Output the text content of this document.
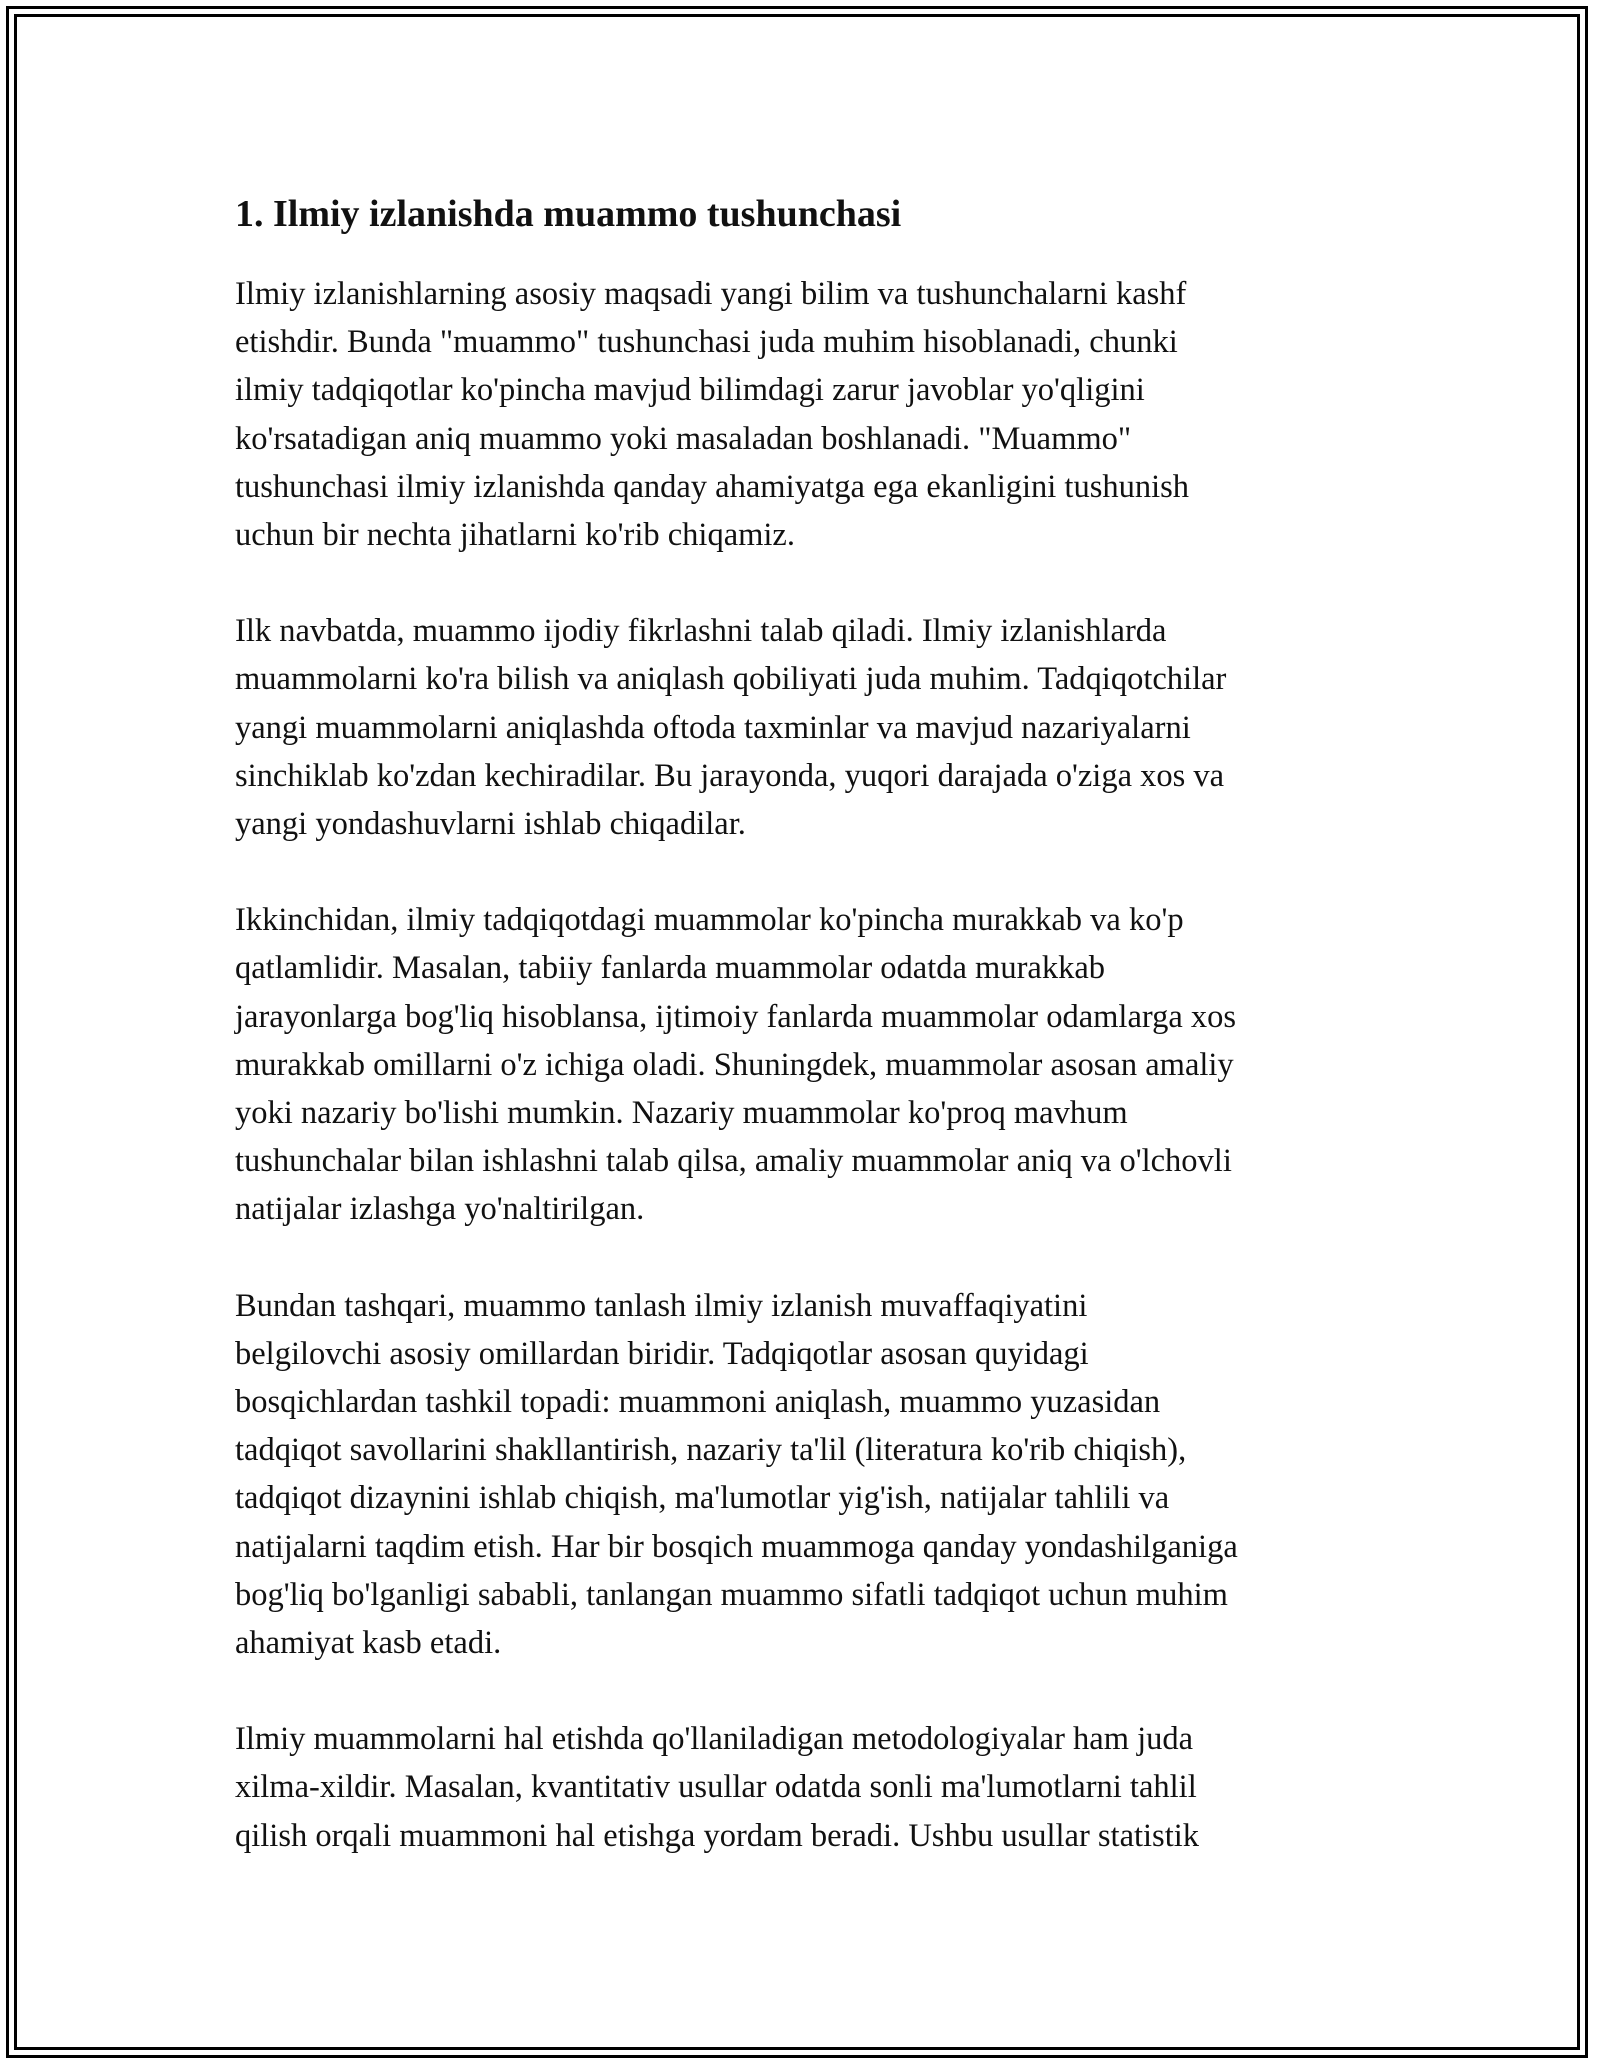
1. Ilmiy izlanishda muammo tushunchasi

Ilmiy izlanishlarning asosiy maqsadi yangi bilim va tushunchalarni kashf
etishdir. Bunda "muammo" tushunchasi juda muhim hisoblanadi, chunki
ilmiy tadqiqotlar ko'pincha mavjud bilimdagi zarur javoblar yo'qligini
ko'rsatadigan aniq muammo yoki masaladan boshlanadi. "Muammo"
tushunchasi ilmiy izlanishda qanday ahamiyatga ega ekanligini tushunish
uchun bir nechta jihatlarni ko'rib chiqamiz.

Ilk navbatda, muammo ijodiy fikrlashni talab qiladi. Ilmiy izlanishlarda
muammolarni ko'ra bilish va aniqlash qobiliyati juda muhim. Tadqiqotchilar
yangi muammolarni aniqlashda oftoda taxminlar va mavjud nazariyalarni
sinchiklab ko'zdan kechiradilar. Bu jarayonda, yuqori darajada o'ziga xos va
yangi yondashuvlarni ishlab chiqadilar.

Ikkinchidan, ilmiy tadqiqotdagi muammolar ko'pincha murakkab va ko'p
qatlamlidir. Masalan, tabiiy fanlarda muammolar odatda murakkab
jarayonlarga bog'liq hisoblansa, ijtimoiy fanlarda muammolar odamlarga xos
murakkab omillarni o'z ichiga oladi. Shuningdek, muammolar asosan amaliy
yoki nazariy bo'lishi mumkin. Nazariy muammolar ko'proq mavhum
tushunchalar bilan ishlashni talab qilsa, amaliy muammolar aniq va o'lchovli
natijalar izlashga yo'naltirilgan.

Bundan tashqari, muammo tanlash ilmiy izlanish muvaffaqiyatini
belgilovchi asosiy omillardan biridir. Tadqiqotlar asosan quyidagi
bosqichlardan tashkil topadi: muammoni aniqlash, muammo yuzasidan
tadqiqot savollarini shakllantirish, nazariy ta'lil (literatura ko'rib chiqish),
tadqiqot dizaynini ishlab chiqish, ma'lumotlar yig'ish, natijalar tahlili va
natijalarni taqdim etish. Har bir bosqich muammoga qanday yondashilganiga
bog'liq bo'lganligi sababli, tanlangan muammo sifatli tadqiqot uchun muhim
ahamiyat kasb etadi.

Ilmiy muammolarni hal etishda qo'llaniladigan metodologiyalar ham juda
xilma-xildir. Masalan, kvantitativ usullar odatda sonli ma'lumotlarni tahlil
qilish orqali muammoni hal etishga yordam beradi. Ushbu usullar statistik
